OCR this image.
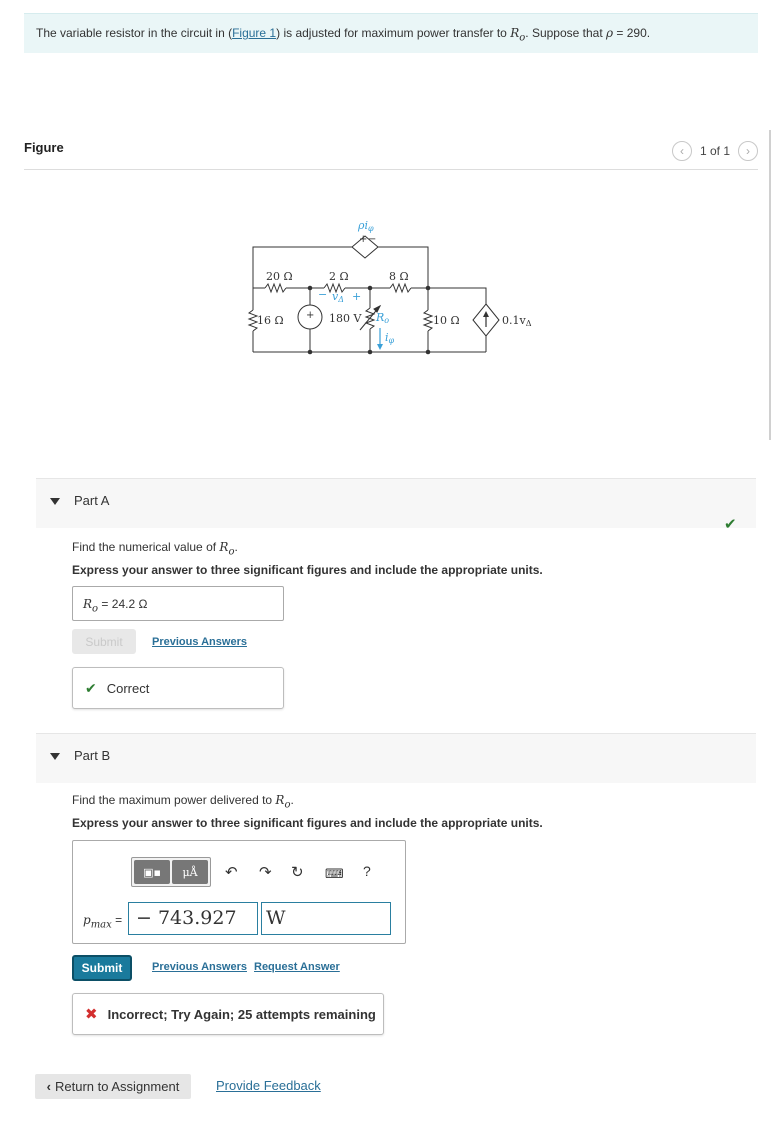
The variable resistor in the circuit in (Figure 1) is adjusted for maximum power transfer to $R_o$. Suppose that ρ = 290.
Figure	‹ 1 of 1 ›
20 Ω	2 Ω	8 Ω
16 Ω	180 V	10 Ω	0.1vΔ
+
+ −
− vΔ +
Ro
iφ
ρiφ
Part A
✔
Find the numerical value of $R_o$.
Express your answer to three significant figures and include the appropriate units.
$R_o = 24.2$ Ω
Submit	Previous Answers
✔ Correct
Part B
Find the maximum power delivered to $R_o$.
Express your answer to three significant figures and include the appropriate units.
▣▪	μÅ	↶ ↷ ↻ ⌨ ?
$p_{max}$ = − 743.927	W
Submit	Previous Answers Request Answer
✖ Incorrect; Try Again; 25 attempts remaining
‹ Return to Assignment	Provide Feedback
